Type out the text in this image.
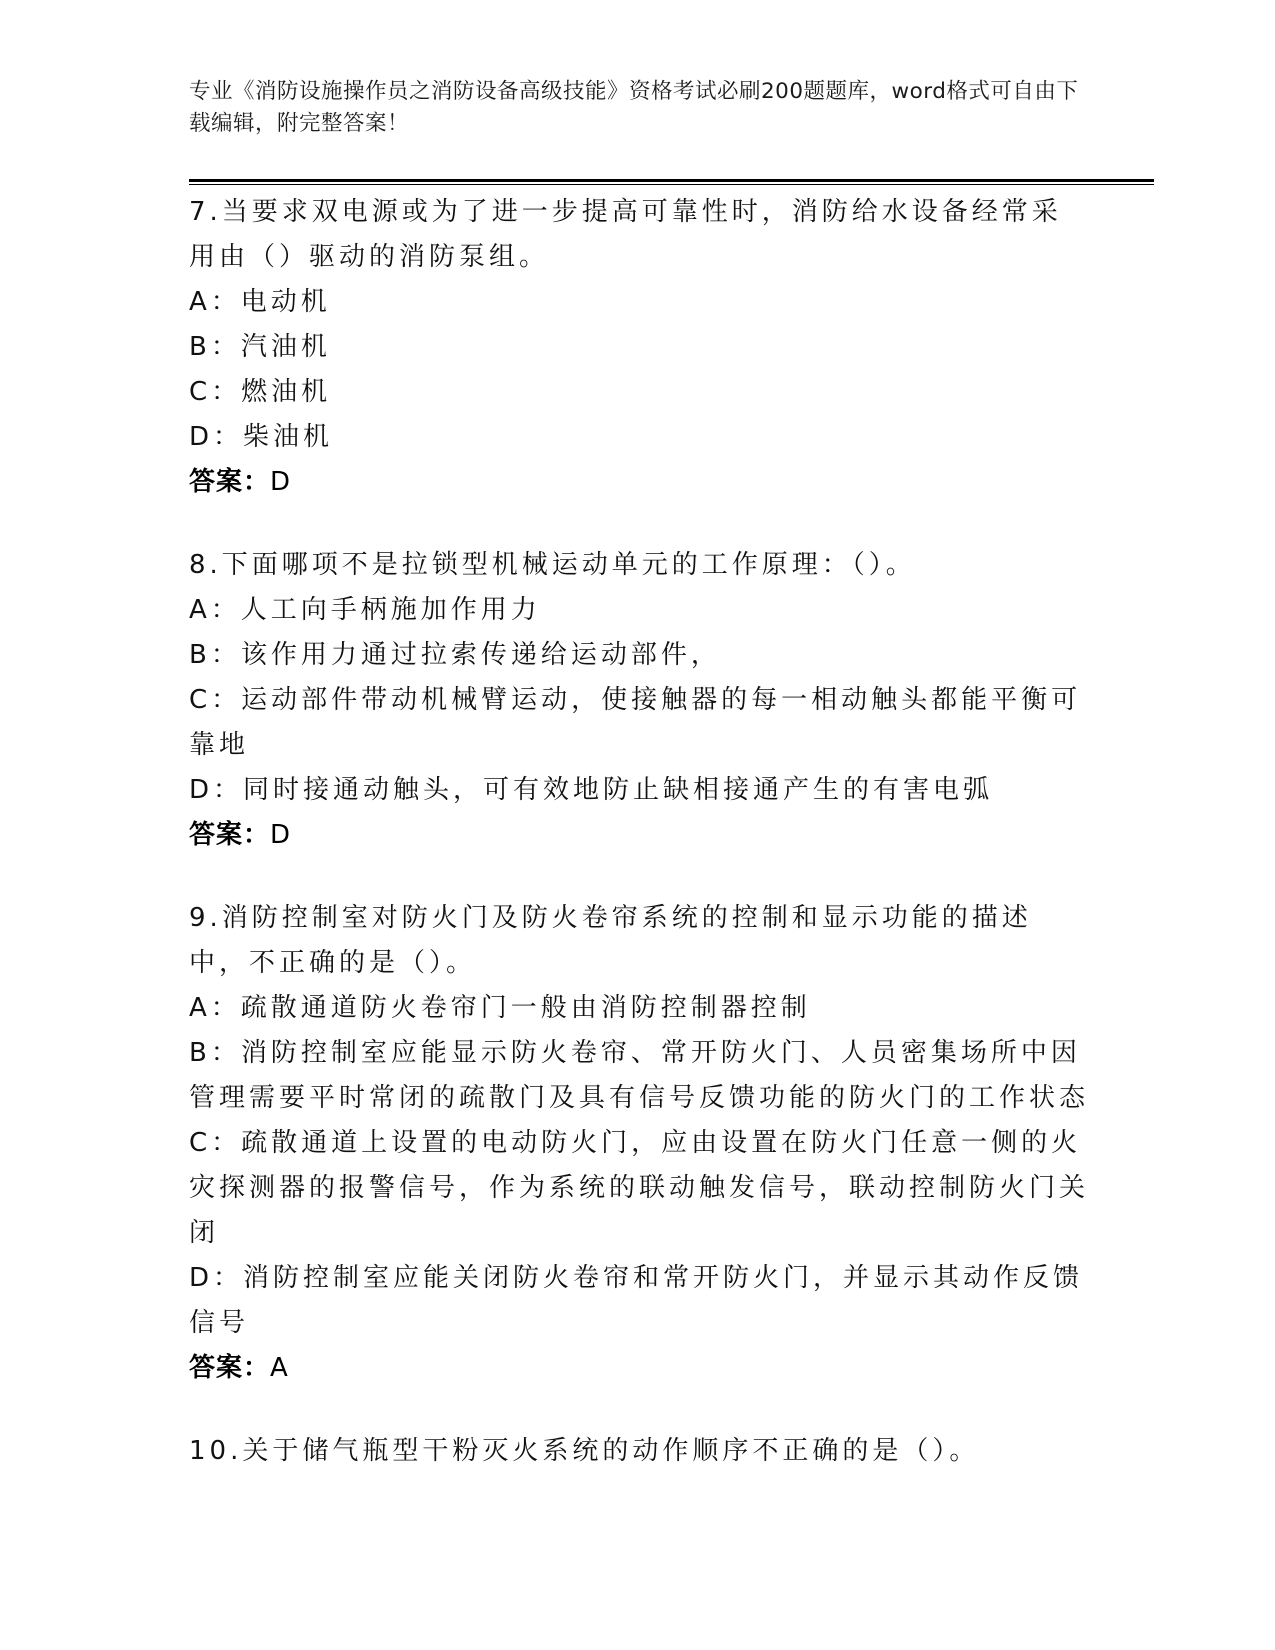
专业《消防设施操作员之消防设备高级技能》资格考试必刷200题题库，word格式可自由下载编辑，附完整答案！
7.当要求双电源或为了进一步提高可靠性时，消防给水设备经常采用由（）驱动的消防泵组。
A：电动机
B：汽油机
C：燃油机
D：柴油机
答案：D
8.下面哪项不是拉锁型机械运动单元的工作原理：（）。
A：人工向手柄施加作用力
B：该作用力通过拉索传递给运动部件，
C：运动部件带动机械臂运动，使接触器的每一相动触头都能平衡可靠地
D：同时接通动触头，可有效地防止缺相接通产生的有害电弧
答案：D
9.消防控制室对防火门及防火卷帘系统的控制和显示功能的描述中，不正确的是（）。
A：疏散通道防火卷帘门一般由消防控制器控制
B：消防控制室应能显示防火卷帘、常开防火门、人员密集场所中因管理需要平时常闭的疏散门及具有信号反馈功能的防火门的工作状态
C：疏散通道上设置的电动防火门，应由设置在防火门任意一侧的火灾探测器的报警信号，作为系统的联动触发信号，联动控制防火门关闭
D：消防控制室应能关闭防火卷帘和常开防火门，并显示其动作反馈信号
答案：A
10.关于储气瓶型干粉灭火系统的动作顺序不正确的是（）。
